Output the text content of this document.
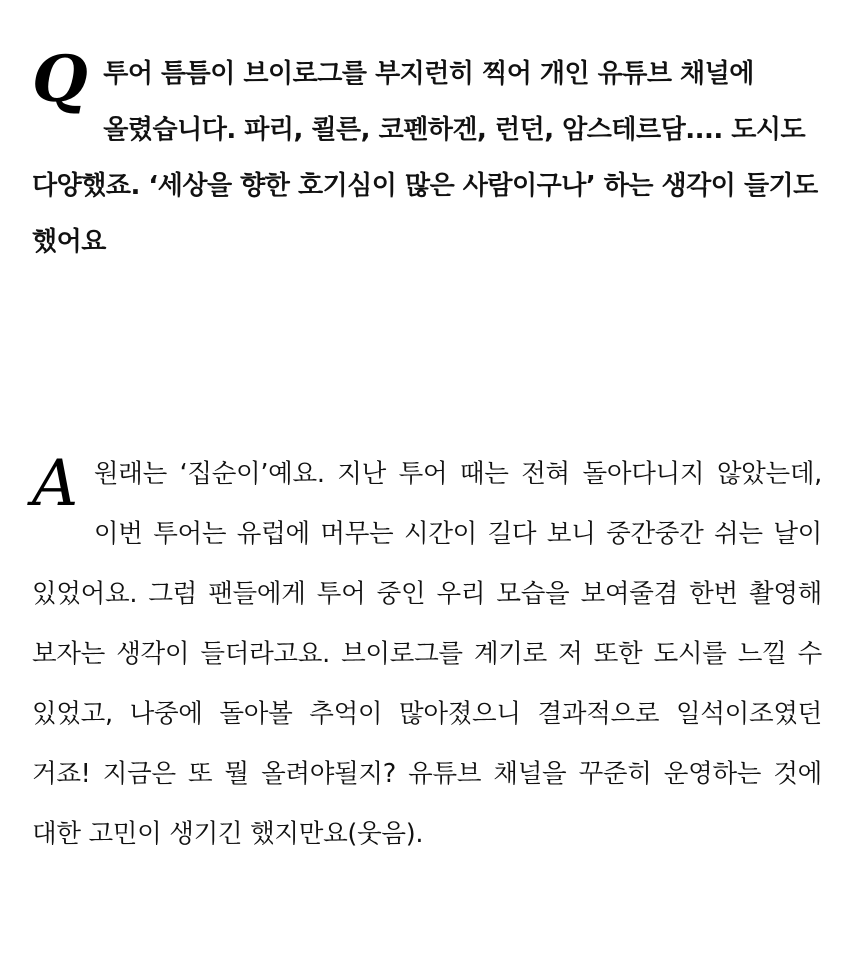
Q 투어 틈틈이 브이로그를 부지런히 찍어 개인 유튜브 채널에 올렸습니다. 파리, 쾰른, 코펜하겐, 런던, 암스테르담.... 도시도 다양했죠. ‘세상을 향한 호기심이 많은 사람이구나’ 하는 생각이 들기도 했어요

A 원래는 ‘집순이’예요. 지난 투어 때는 전혀 돌아다니지 않았는데, 이번 투어는 유럽에 머무는 시간이 길다 보니 중간중간 쉬는 날이 있었어요. 그럼 팬들에게 투어 중인 우리 모습을 보여줄겸 한번 촬영해 보자는 생각이 들더라고요. 브이로그를 계기로 저 또한 도시를 느낄 수 있었고, 나중에 돌아볼 추억이 많아졌으니 결과적으로 일석이조였던 거죠! 지금은 또 뭘 올려야될지? 유튜브 채널을 꾸준히 운영하는 것에 대한 고민이 생기긴 했지만요(웃음).
